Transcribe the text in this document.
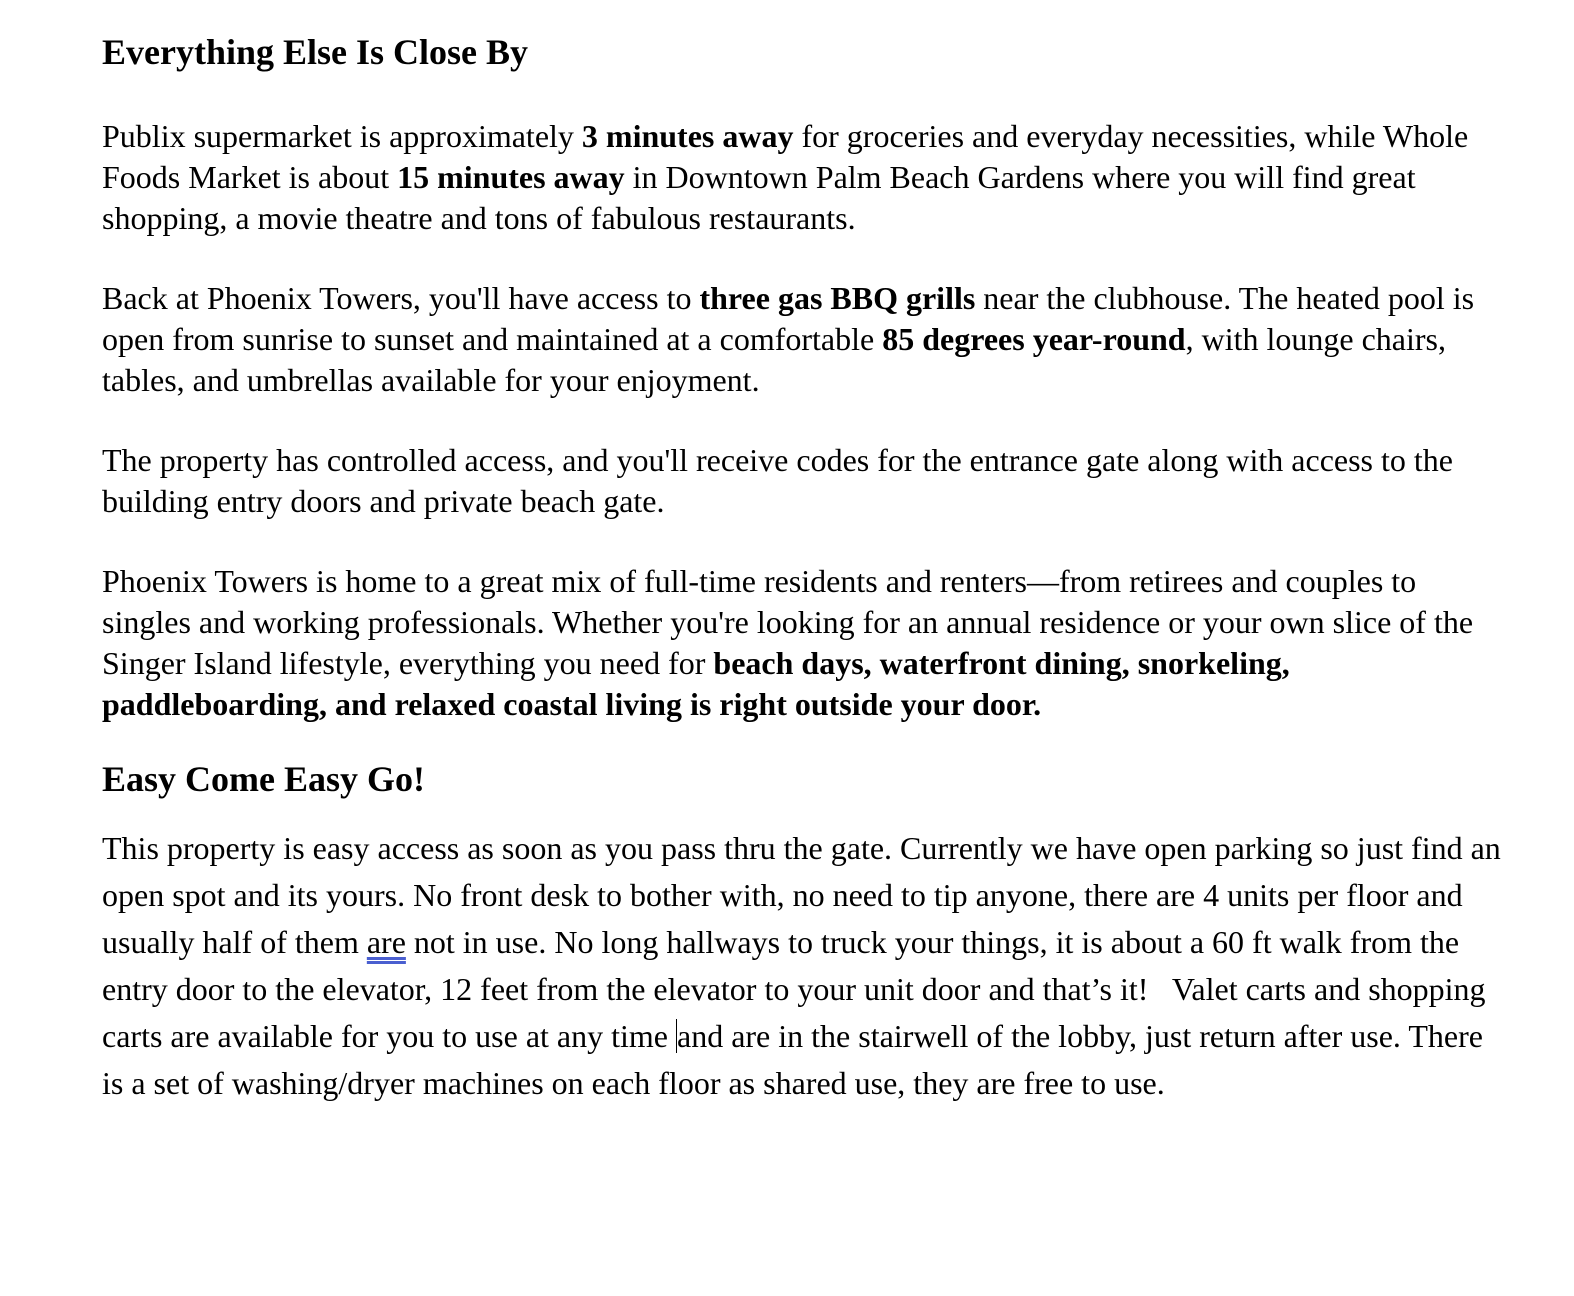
Everything Else Is Close By

Publix supermarket is approximately 3 minutes away for groceries and everyday necessities, while Whole Foods Market is about 15 minutes away in Downtown Palm Beach Gardens where you will find great shopping, a movie theatre and tons of fabulous restaurants.

Back at Phoenix Towers, you'll have access to three gas BBQ grills near the clubhouse. The heated pool is open from sunrise to sunset and maintained at a comfortable 85 degrees year-round, with lounge chairs, tables, and umbrellas available for your enjoyment.

The property has controlled access, and you'll receive codes for the entrance gate along with access to the building entry doors and private beach gate.

Phoenix Towers is home to a great mix of full-time residents and renters—from retirees and couples to singles and working professionals. Whether you're looking for an annual residence or your own slice of the Singer Island lifestyle, everything you need for beach days, waterfront dining, snorkeling, paddleboarding, and relaxed coastal living is right outside your door.

Easy Come Easy Go!

This property is easy access as soon as you pass thru the gate. Currently we have open parking so just find an open spot and its yours. No front desk to bother with, no need to tip anyone, there are 4 units per floor and usually half of them are not in use. No long hallways to truck your things, it is about a 60 ft walk from the entry door to the elevator, 12 feet from the elevator to your unit door and that’s it!   Valet carts and shopping carts are available for you to use at any time and are in the stairwell of the lobby, just return after use. There is a set of washing/dryer machines on each floor as shared use, they are free to use.
